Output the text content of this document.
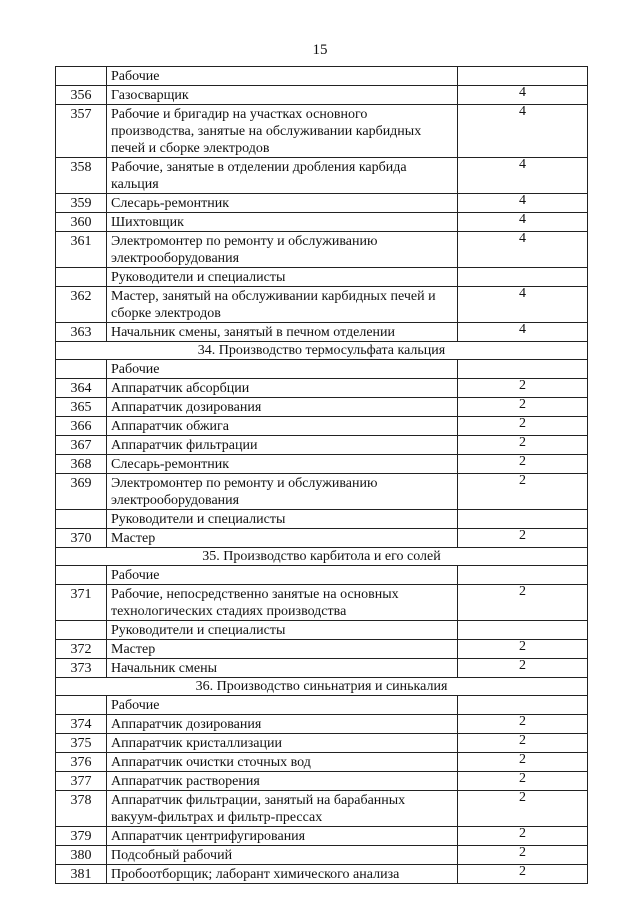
15
	Рабочие	
356	Газосварщик	4
357	Рабочие и бригадир на участках основного производства, занятые на обслуживании карбидных печей и сборке электродов	4
358	Рабочие, занятые в отделении дробления карбида кальция	4
359	Слесарь-ремонтник	4
360	Шихтовщик	4
361	Электромонтер по ремонту и обслуживанию электрооборудования	4
	Руководители и специалисты	
362	Мастер, занятый на обслуживании карбидных печей и сборке электродов	4
363	Начальник смены, занятый в печном отделении	4
34. Производство термосульфата кальция		
	Рабочие	
364	Аппаратчик абсорбции	2
365	Аппаратчик дозирования	2
366	Аппаратчик обжига	2
367	Аппаратчик фильтрации	2
368	Слесарь-ремонтник	2
369	Электромонтер по ремонту и обслуживанию электрооборудования	2
	Руководители и специалисты	
370	Мастер	2
35. Производство карбитола и его солей		
	Рабочие	
371	Рабочие, непосредственно занятые на основных технологических стадиях производства	2
	Руководители и специалисты	
372	Мастер	2
373	Начальник смены	2
36. Производство синьнатрия и синькалия		
	Рабочие	
374	Аппаратчик дозирования	2
375	Аппаратчик кристаллизации	2
376	Аппаратчик очистки сточных вод	2
377	Аппаратчик растворения	2
378	Аппаратчик фильтрации, занятый на барабанных вакуум-фильтрах и фильтр-прессах	2
379	Аппаратчик центрифугирования	2
380	Подсобный рабочий	2
381	Пробоотборщик; лаборант химического анализа	2
